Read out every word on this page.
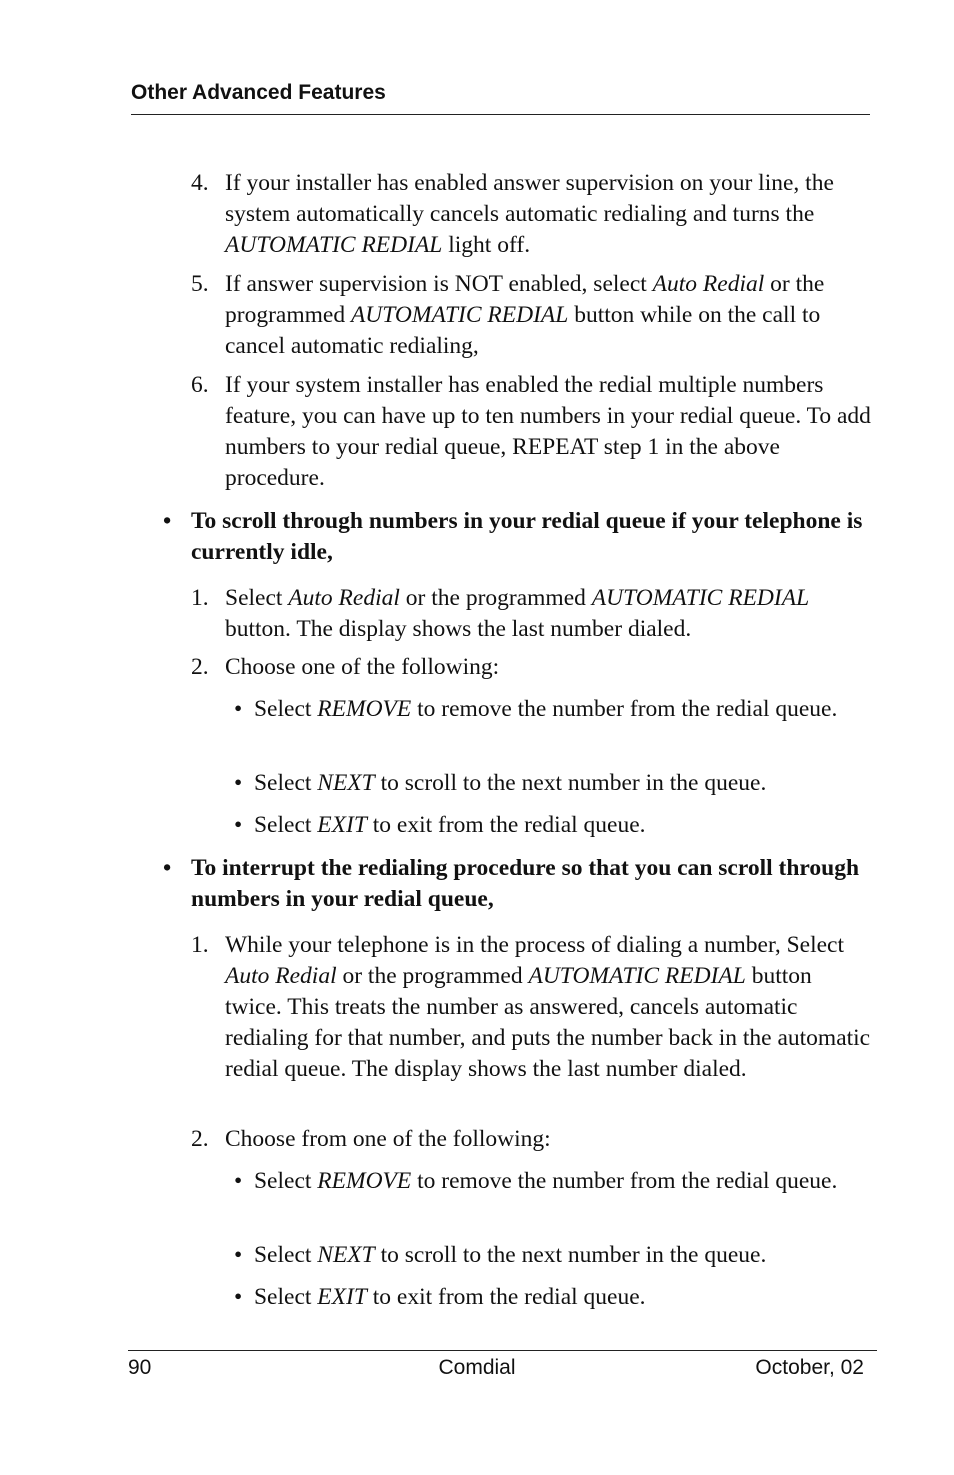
Other Advanced Features
4. If your installer has enabled answer supervision on your line, the system automatically cancels automatic redialing and turns the AUTOMATIC REDIAL light off.
5. If answer supervision is NOT enabled, select Auto Redial or the programmed AUTOMATIC REDIAL button while on the call to cancel automatic redialing,
6. If your system installer has enabled the redial multiple numbers feature, you can have up to ten numbers in your redial queue. To add numbers to your redial queue, REPEAT step 1 in the above procedure.
• To scroll through numbers in your redial queue if your telephone is currently idle,
1. Select Auto Redial or the programmed AUTOMATIC REDIAL button. The display shows the last number dialed.
2. Choose one of the following:
• Select REMOVE to remove the number from the redial queue.
• Select NEXT to scroll to the next number in the queue.
• Select EXIT to exit from the redial queue.
• To interrupt the redialing procedure so that you can scroll through numbers in your redial queue,
1. While your telephone is in the process of dialing a number, Select Auto Redial or the programmed AUTOMATIC REDIAL button twice. This treats the number as answered, cancels automatic redialing for that number, and puts the number back in the automatic redial queue. The display shows the last number dialed.
2. Choose from one of the following:
• Select REMOVE to remove the number from the redial queue.
• Select NEXT to scroll to the next number in the queue.
• Select EXIT to exit from the redial queue.
90	Comdial	October, 02
